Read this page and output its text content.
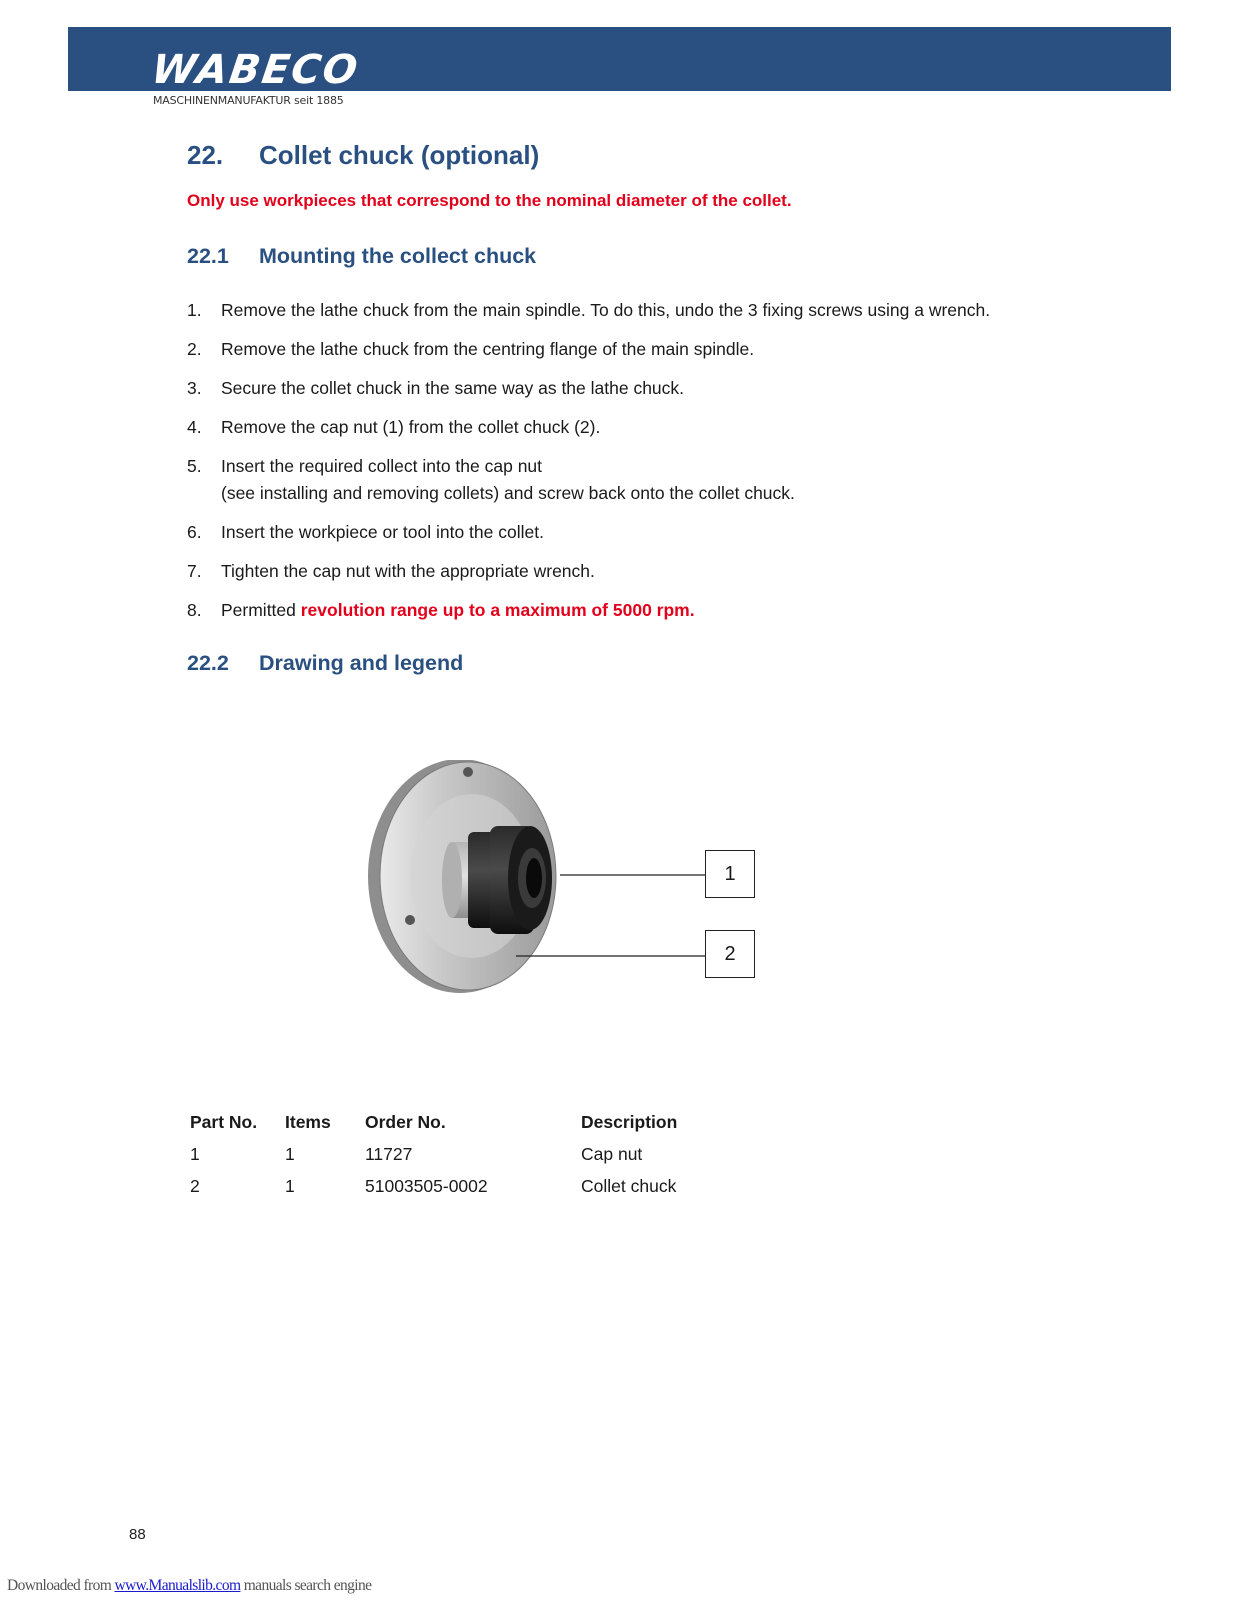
WABECO
MASCHINENMANUFAKTUR seit 1885
22. Collet chuck (optional)
Only use workpieces that correspond to the nominal diameter of the collet.
22.1 Mounting the collect chuck
1.	Remove the lathe chuck from the main spindle. To do this, undo the 3 fixing screws using a wrench.
2.	Remove the lathe chuck from the centring flange of the main spindle.
3.	Secure the collet chuck in the same way as the lathe chuck.
4.	Remove the cap nut (1) from the collet chuck (2).
5.	Insert the required collect into the cap nut
(see installing and removing collets) and screw back onto the collet chuck.
6.	Insert the workpiece or tool into the collet.
7.	Tighten the cap nut with the appropriate wrench.
8.	Permitted revolution range up to a maximum of 5000 rpm.
22.2 Drawing and legend
1
2
Part No.	Items	Order No.	Description
1	1	11727	Cap nut
2	1	51003505-0002	Collet chuck
88
Downloaded from www.Manualslib.com manuals search engine
